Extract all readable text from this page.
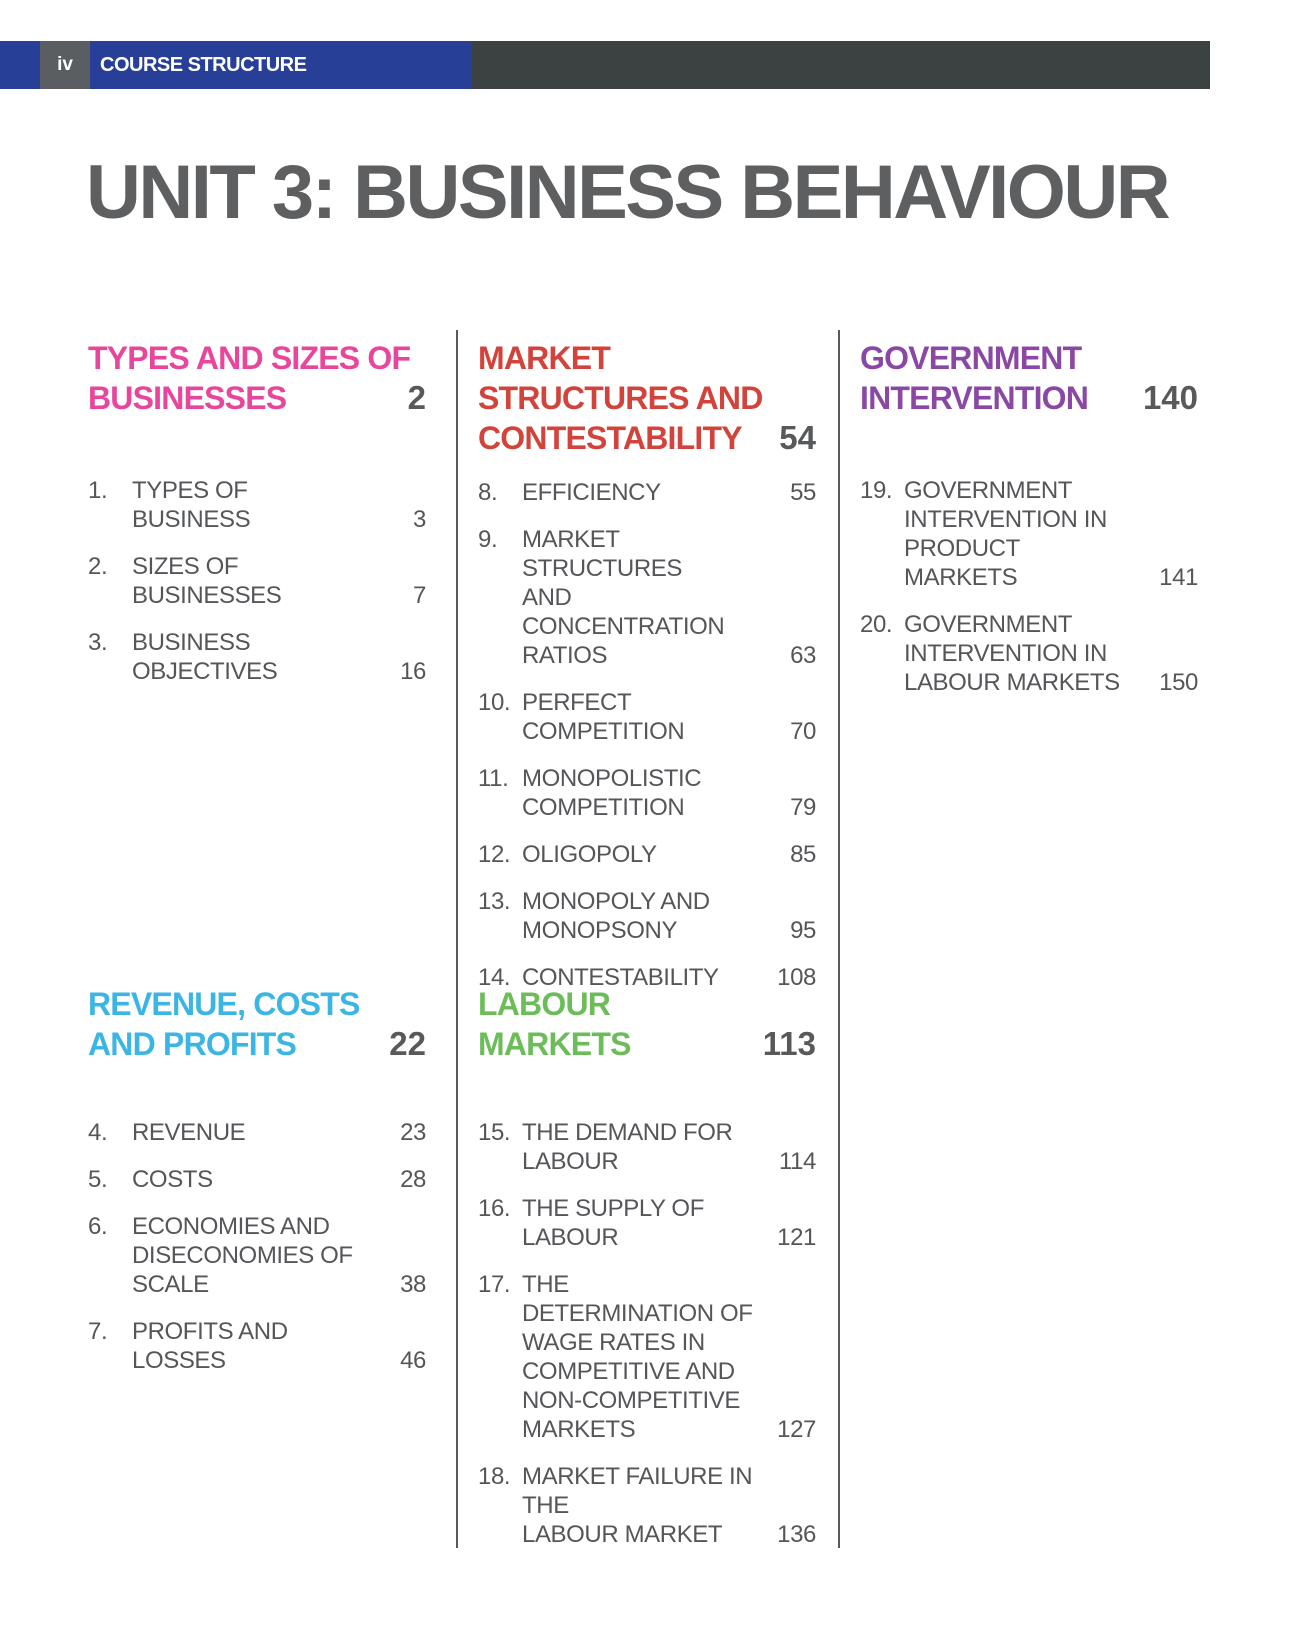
iv	COURSE STRUCTURE
UNIT 3: BUSINESS BEHAVIOUR
TYPES AND SIZES OF
BUSINESSES	2
1. TYPES OF BUSINESS	3
2. SIZES OF BUSINESSES	7
3. BUSINESS OBJECTIVES	16
MARKET
STRUCTURES AND
CONTESTABILITY	54
8. EFFICIENCY	55
9. MARKET STRUCTURES
AND CONCENTRATION
RATIOS	63
10. PERFECT COMPETITION	70
11. MONOPOLISTIC
COMPETITION	79
12. OLIGOPOLY	85
13. MONOPOLY AND
MONOPSONY	95
14. CONTESTABILITY	108
GOVERNMENT
INTERVENTION	140
19. GOVERNMENT
INTERVENTION IN
PRODUCT MARKETS	141
20. GOVERNMENT
INTERVENTION IN
LABOUR MARKETS	150
REVENUE, COSTS
AND PROFITS	22
4. REVENUE	23
5. COSTS	28
6. ECONOMIES AND
DISECONOMIES OF
SCALE	38
7. PROFITS AND LOSSES	46
LABOUR
MARKETS	113
15. THE DEMAND FOR
LABOUR	114
16. THE SUPPLY OF
LABOUR	121
17. THE DETERMINATION OF
WAGE RATES IN
COMPETITIVE AND
NON-COMPETITIVE
MARKETS	127
18. MARKET FAILURE IN THE
LABOUR MARKET	136
